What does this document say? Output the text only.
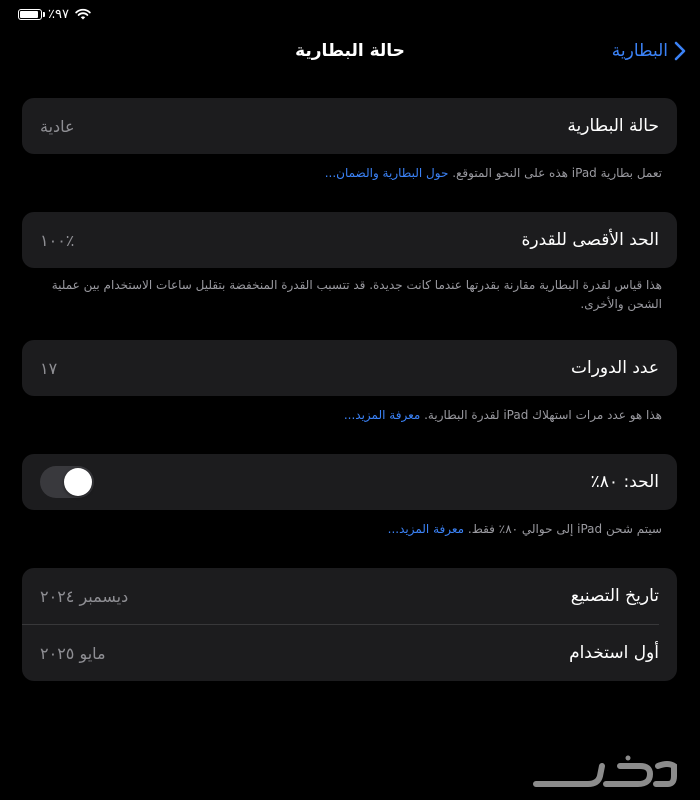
٪٩٧
البطارية
حالة البطارية
حالة البطارية
عادية
تعمل بطارية iPad هذه على النحو المتوقع. حول البطارية والضمان...
الحد الأقصى للقدرة
٪١٠٠
هذا قياس لقدرة البطارية مقارنة بقدرتها عندما كانت جديدة. قد تتسبب القدرة المنخفضة بتقليل ساعات الاستخدام بين عملية الشحن والأخرى.
عدد الدورات
١٧
هذا هو عدد مرات استهلاك iPad لقدرة البطارية. معرفة المزيد...
الحد: ٨٠٪
سيتم شحن iPad إلى حوالي ٨٠٪ فقط. معرفة المزيد...
تاريخ التصنيع
ديسمبر ٢٠٢٤
أول استخدام
مايو ٢٠٢٥
